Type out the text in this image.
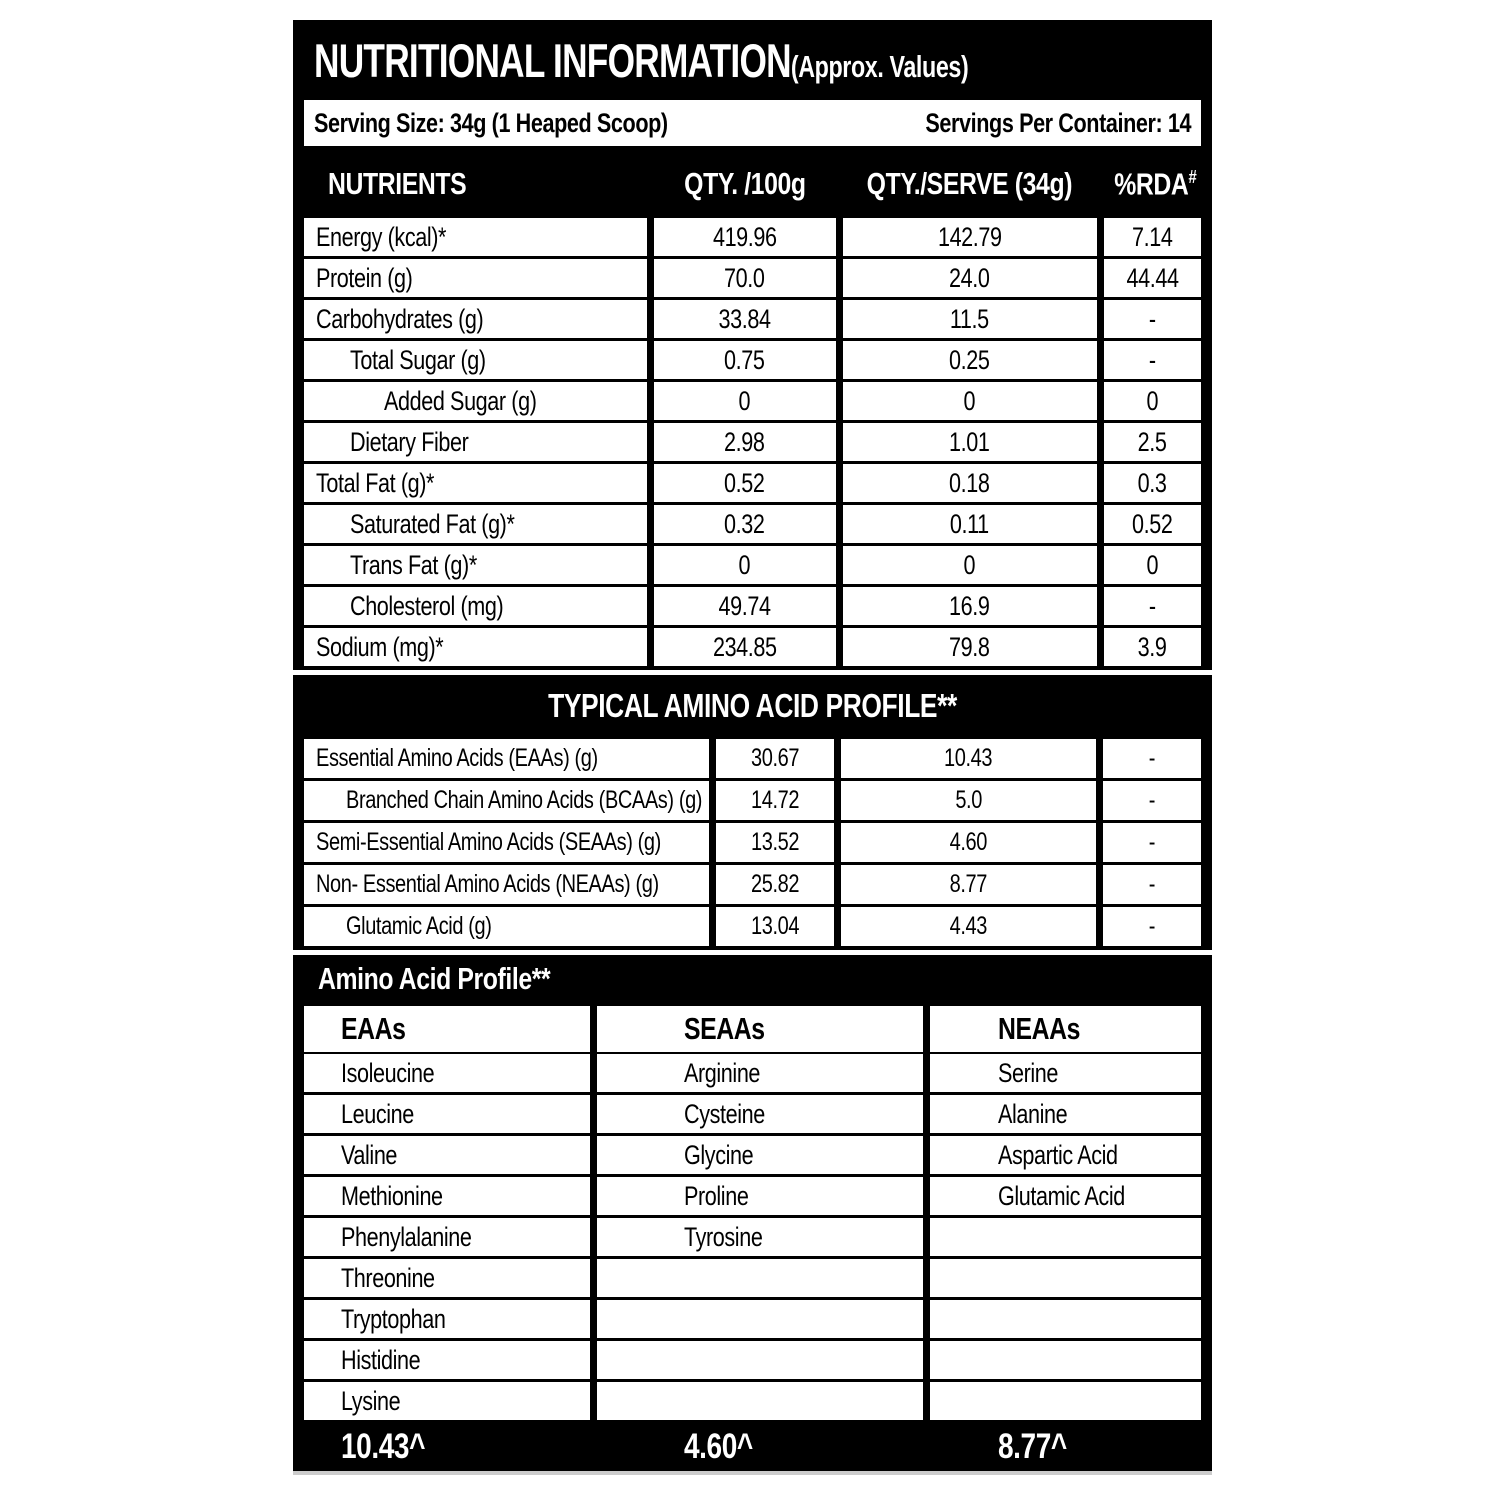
NUTRITIONAL INFORMATION(Approx. Values)
Serving Size: 34g (1 Heaped Scoop)	Servings Per Container: 14
NUTRIENTS	QTY. /100g QTY./SERVE (34g) %RDA#
Energy (kcal)*	419.96	142.79	7.14
Protein (g)	70.0	24.0	44.44
Carbohydrates (g)	33.84	11.5	-
Total Sugar (g)	0.75	0.25	-
Added Sugar (g)	0	0	0
Dietary Fiber	2.98	1.01	2.5
Total Fat (g)*	0.52	0.18	0.3
Saturated Fat (g)*	0.32	0.11	0.52
Trans Fat (g)*	0	0	0
Cholesterol (mg)	49.74	16.9	-
Sodium (mg)*	234.85	79.8	3.9
TYPICAL AMINO ACID PROFILE**
Essential Amino Acids (EAAs) (g)	30.67	10.43	-
Branched Chain Amino Acids (BCAAs) (g) 14.72	5.0	-
Semi-Essential Amino Acids (SEAAs) (g)	13.52	4.60	-
Non- Essential Amino Acids (NEAAs) (g)	25.82	8.77	-
Glutamic Acid (g)	13.04	4.43	-
Amino Acid Profile**
EAAs	SEAAs	NEAAs
Isoleucine	Arginine	Serine
Leucine	Cysteine	Alanine
Valine	Glycine	Aspartic Acid
Methionine	Proline	Glutamic Acid
Phenylalanine	Tyrosine
Threonine
Tryptophan
Histidine
Lysine
10.43^	4.60^	8.77^
